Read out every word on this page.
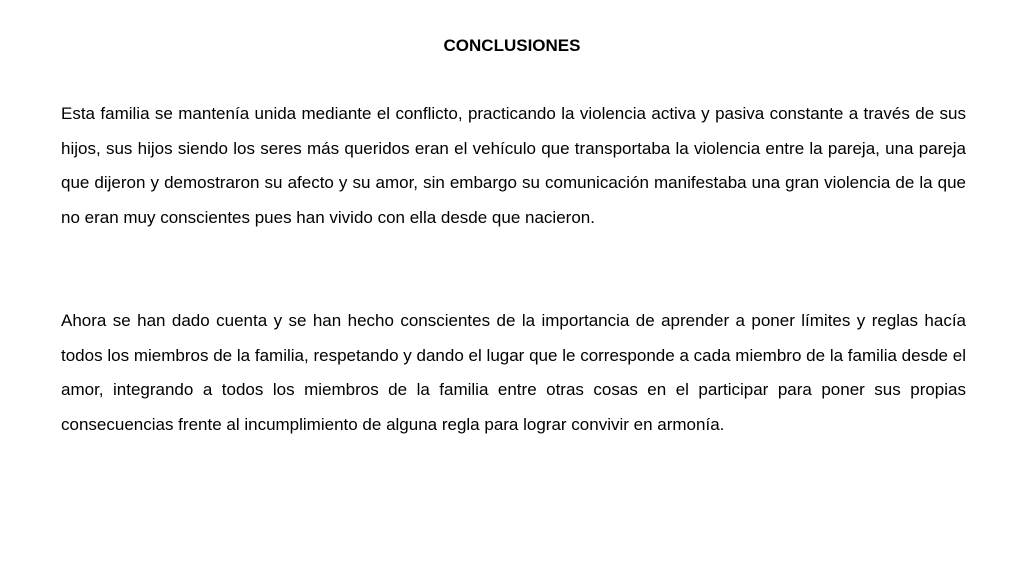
CONCLUSIONES

Esta familia se mantenía unida mediante el conflicto, practicando la violencia activa y pasiva constante a través de sus hijos, sus hijos siendo los seres más queridos eran el vehículo que transportaba la violencia entre la pareja, una pareja que dijeron y demostraron su afecto y su amor, sin embargo su comunicación manifestaba una gran violencia de la que no eran muy conscientes pues han vivido con ella desde que nacieron.

Ahora se han dado cuenta y se han hecho conscientes de la importancia de aprender a poner límites y reglas hacía todos los miembros de la familia, respetando y dando el lugar que le corresponde a cada miembro de la familia desde el amor, integrando a todos los miembros de la familia entre otras cosas en el participar para poner sus propias consecuencias frente al incumplimiento de alguna regla para lograr convivir en armonía.
